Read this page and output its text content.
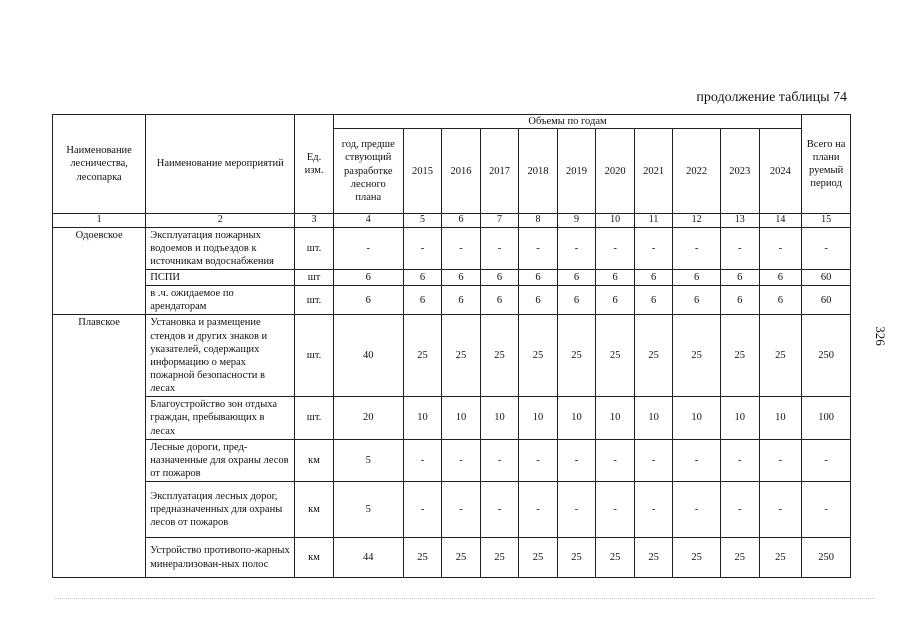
продолжение таблицы 74
326
Наименование лесничества, лесопарка	Наименование мероприятий	Ед. изм.	Объемы по годам											Всего на плани руемый период
			год, предше ствующий разработке лесного плана	2015	2016	2017	2018	2019	2020	2021	2022	2023	2024	
1	2	3	4	5	6	7	8	9	10	11	12	13	14	15
Одоевское	Эксплуатация пожарных водоемов и подъездов к источникам водоснабжения	шт.	-	-	-	-	-	-	-	-	-	-	-	-
	ПСПИ	шт	6	6	6	6	6	6	6	6	6	6	6	60
	в .ч. ожидаемое по арендаторам	шт.	6	6	6	6	6	6	6	6	6	6	6	60
Плавское	Установка и размещение стендов и других знаков и указателей, содержащих информацию о мерах пожарной безопасности в лесах	шт.	40	25	25	25	25	25	25	25	25	25	25	250
	Благоустройство зон отдыха граждан, пребывающих в лесах	шт.	20	10	10	10	10	10	10	10	10	10	10	100
	Лесные дороги, пред-назначенные для охраны лесов от пожаров	км	5	-	-	-	-	-	-	-	-	-	-	-
	Эксплуатация лесных дорог, предназначенных для охраны лесов от пожаров	км	5	-	-	-	-	-	-	-	-	-	-	-
	Устройство противопо-жарных минерализован-ных полос	км	44	25	25	25	25	25	25	25	25	25	25	250
